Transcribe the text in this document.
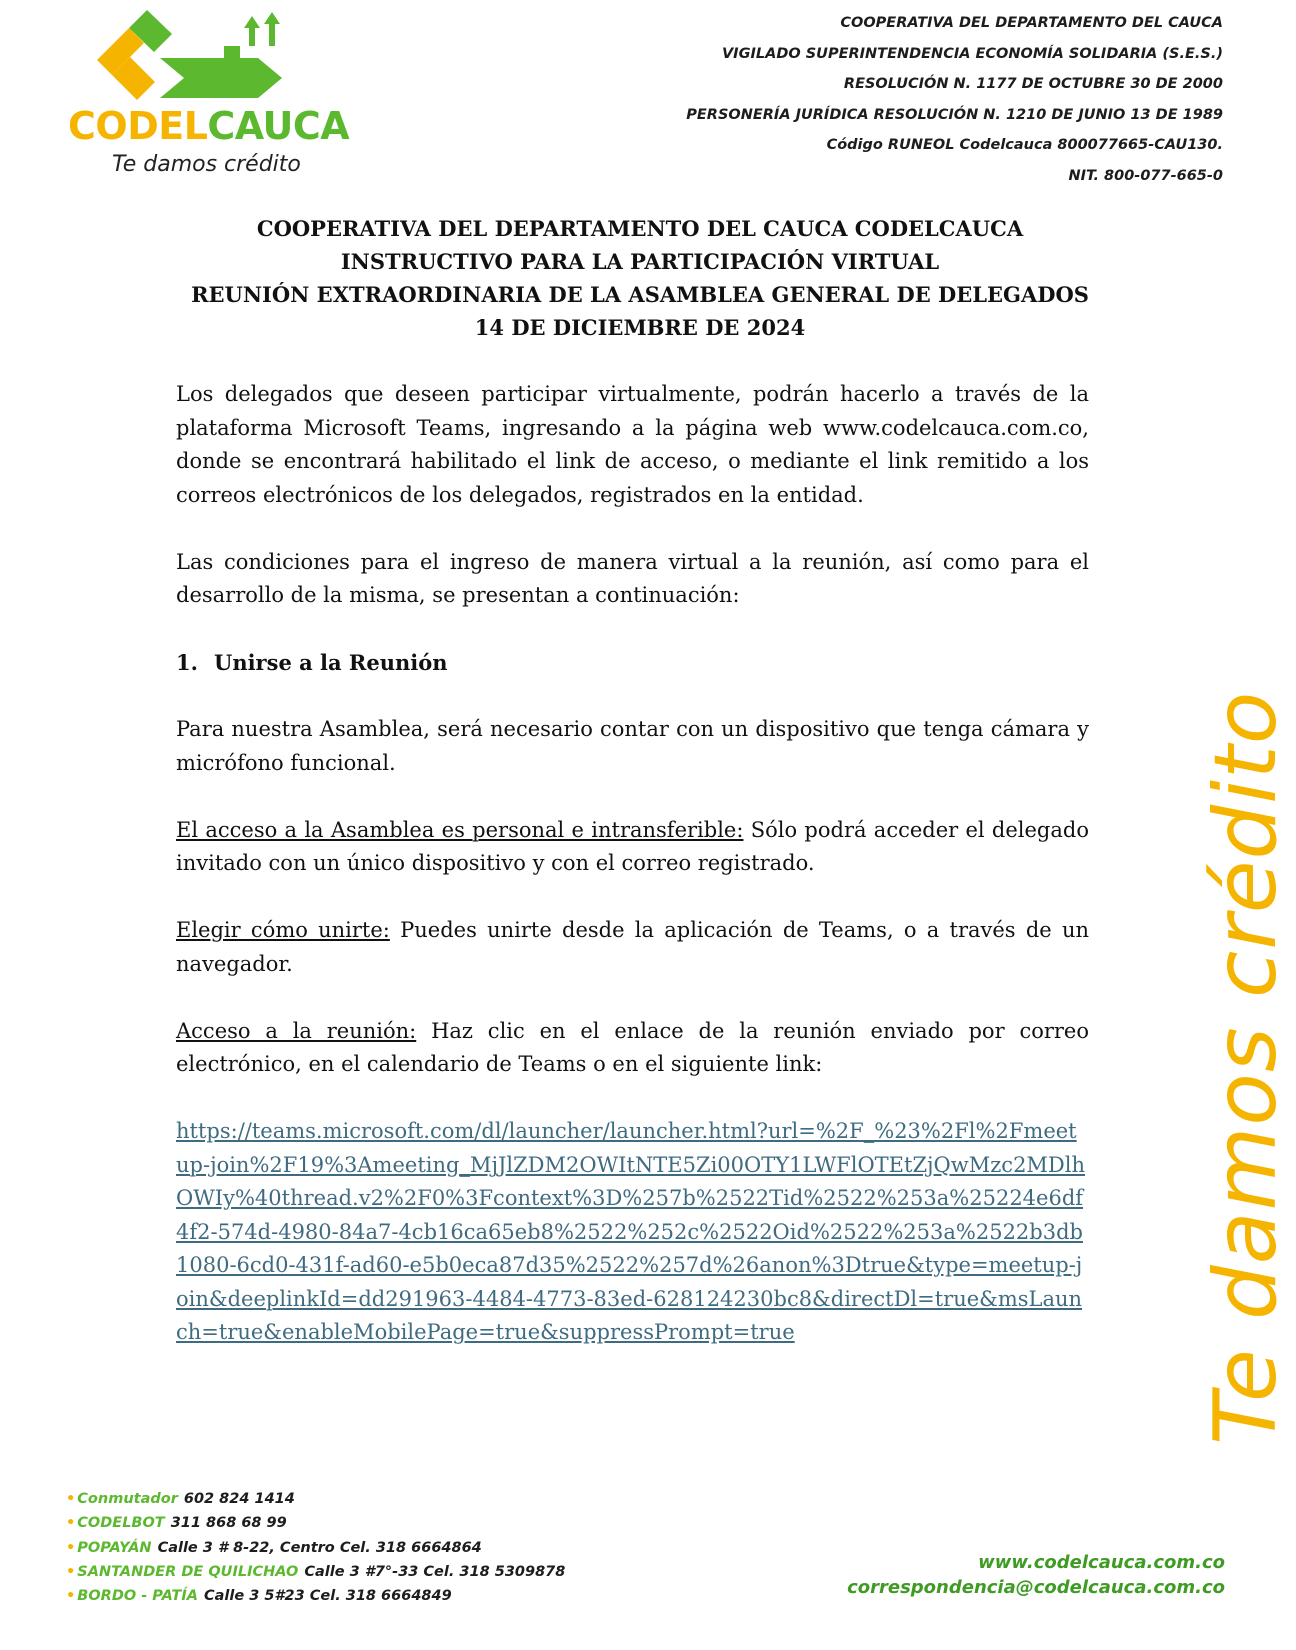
CODELCAUCA
Te damos crédito
COOPERATIVA DEL DEPARTAMENTO DEL CAUCA
VIGILADO SUPERINTENDENCIA ECONOMÍA SOLIDARIA (S.E.S.)
RESOLUCIÓN N. 1177 DE OCTUBRE 30 DE 2000
PERSONERÍA JURÍDICA RESOLUCIÓN N. 1210 DE JUNIO 13 DE 1989
Código RUNEOL Codelcauca 800077665-CAU130.
NIT. 800-077-665-0
COOPERATIVA DEL DEPARTAMENTO DEL CAUCA CODELCAUCA
INSTRUCTIVO PARA LA PARTICIPACIÓN VIRTUAL
REUNIÓN EXTRAORDINARIA DE LA ASAMBLEA GENERAL DE DELEGADOS
14 DE DICIEMBRE DE 2024

Los delegados que deseen participar virtualmente, podrán hacerlo a través de la plataforma Microsoft Teams, ingresando a la página web www.codelcauca.com.co, donde se encontrará habilitado el link de acceso, o mediante el link remitido a los correos electrónicos de los delegados, registrados en la entidad.

Las condiciones para el ingreso de manera virtual a la reunión, así como para el desarrollo de la misma, se presentan a continuación:

1. Unirse a la Reunión

Para nuestra Asamblea, será necesario contar con un dispositivo que tenga cámara y micrófono funcional.

El acceso a la Asamblea es personal e intransferible: Sólo podrá acceder el delegado invitado con un único dispositivo y con el correo registrado.

Elegir cómo unirte: Puedes unirte desde la aplicación de Teams, o a través de un navegador.

Acceso a la reunión: Haz clic en el enlace de la reunión enviado por correo electrónico, en el calendario de Teams o en el siguiente link:

https://teams.microsoft.com/dl/launcher/launcher.html?url=%2F_%23%2Fl%2Fmeetup-join%2F19%3Ameeting_MjJlZDM2OWItNTE5Zi00OTY1LWFlOTEtZjQwMzc2MDlhOWIy%40thread.v2%2F0%3Fcontext%3D%257b%2522Tid%2522%253a%25224e6df4f2-574d-4980-84a7-4cb16ca65eb8%2522%252c%2522Oid%2522%253a%2522b3db1080-6cd0-431f-ad60-e5b0eca87d35%2522%257d%26anon%3Dtrue&type=meetup-join&deeplinkId=dd291963-4484-4773-83ed-628124230bc8&directDl=true&msLaunch=true&enableMobilePage=true&suppressPrompt=true	Te damos crédito
• Conmutador 602 824 1414
• CODELBOT 311 868 68 99
• POPAYÁN Calle 3 # 8-22, Centro Cel. 318 6664864
• SANTANDER DE QUILICHAO Calle 3 #7°-33 Cel. 318 5309878
• BORDO - PATÍA Calle 3 5#23 Cel. 318 6664849
www.codelcauca.com.co
correspondencia@codelcauca.com.co
